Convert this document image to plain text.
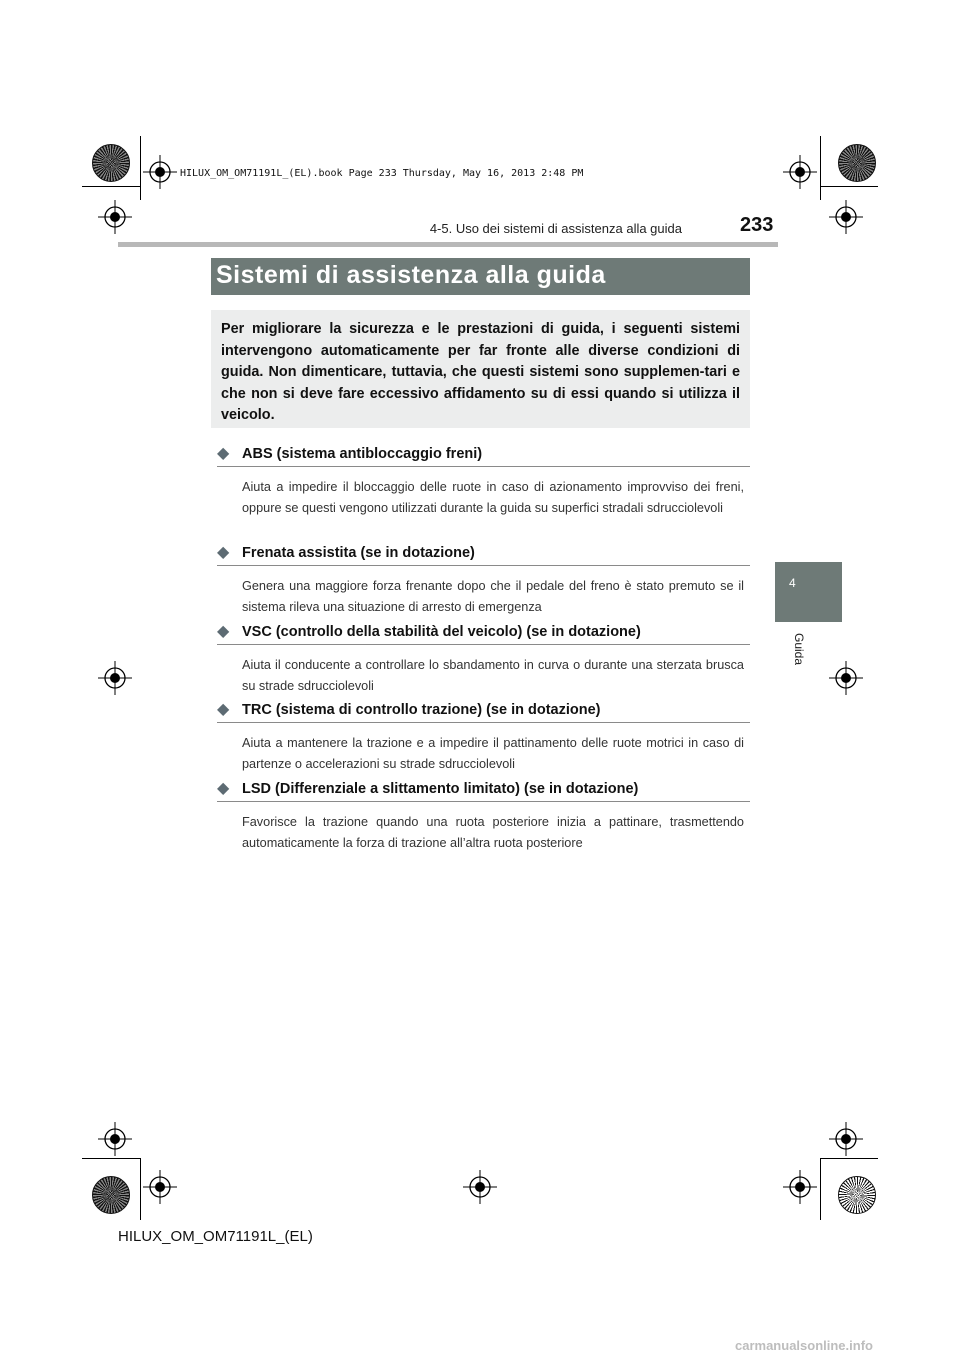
HILUX_OM_OM71191L_(EL).book Page 233 Thursday, May 16, 2013 2:48 PM
4-5. Uso dei sistemi di assistenza alla guida	233
Sistemi di assistenza alla guida

Per migliorare la sicurezza e le prestazioni di guida, i seguenti sistemi intervengono automaticamente per far fronte alle diverse condizioni di guida. Non dimenticare, tuttavia, che questi sistemi sono supplemen-tari e che non si deve fare eccessivo affidamento su di essi quando si utilizza il veicolo.

◆ ABS (sistema antibloccaggio freni)
Aiuta a impedire il bloccaggio delle ruote in caso di azionamento improvviso dei freni, oppure se questi vengono utilizzati durante la guida su superfici stradali sdrucciolevoli
◆ Frenata assistita (se in dotazione)
Genera una maggiore forza frenante dopo che il pedale del freno è stato premuto se il sistema rileva una situazione di arresto di emergenza
◆ VSC (controllo della stabilità del veicolo) (se in dotazione)
Aiuta il conducente a controllare lo sbandamento in curva o durante una sterzata brusca su strade sdrucciolevoli
◆ TRC (sistema di controllo trazione) (se in dotazione)
Aiuta a mantenere la trazione e a impedire il pattinamento delle ruote motrici in caso di partenze o accelerazioni su strade sdrucciolevoli
◆ LSD (Differenziale a slittamento limitato) (se in dotazione)
Favorisce la trazione quando una ruota posteriore inizia a pattinare, trasmettendo automaticamente la forza di trazione all’altra ruota posteriore
4
Guida
HILUX_OM_OM71191L_(EL)
carmanualsonline.info
